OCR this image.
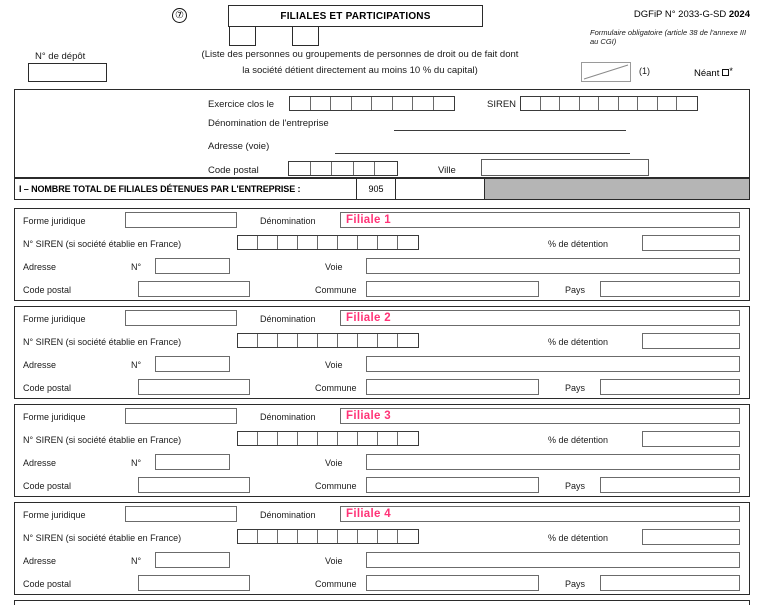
⑦	FILIALES ET PARTICIPATIONS
(Liste des personnes ou groupements de personnes de droit ou de fait dont
la société détient directement au moins 10 % du capital)
N° de dépôt
DGFiP N° 2033-G-SD 2024
Formulaire obligatoire (article 38 de l'annexe III au CGI)
(1)	Néant *
Exercice clos le	SIREN
Dénomination de l'entreprise
Adresse (voie)
Code postal	Ville
I – NOMBRE TOTAL DE FILIALES DÉTENUES PAR L'ENTREPRISE :	905
Forme juridique	Dénomination	Filiale 1
N° SIREN (si société établie en France)	% de détention
Adresse	N°	Voie
Code postal	Commune	Pays
Forme juridique	Dénomination	Filiale 2
N° SIREN (si société établie en France)	% de détention
Adresse	N°	Voie
Code postal	Commune	Pays
Forme juridique	Dénomination	Filiale 3
N° SIREN (si société établie en France)	% de détention
Adresse	N°	Voie
Code postal	Commune	Pays
Forme juridique	Dénomination	Filiale 4
N° SIREN (si société établie en France)	% de détention
Adresse	N°	Voie
Code postal	Commune	Pays
